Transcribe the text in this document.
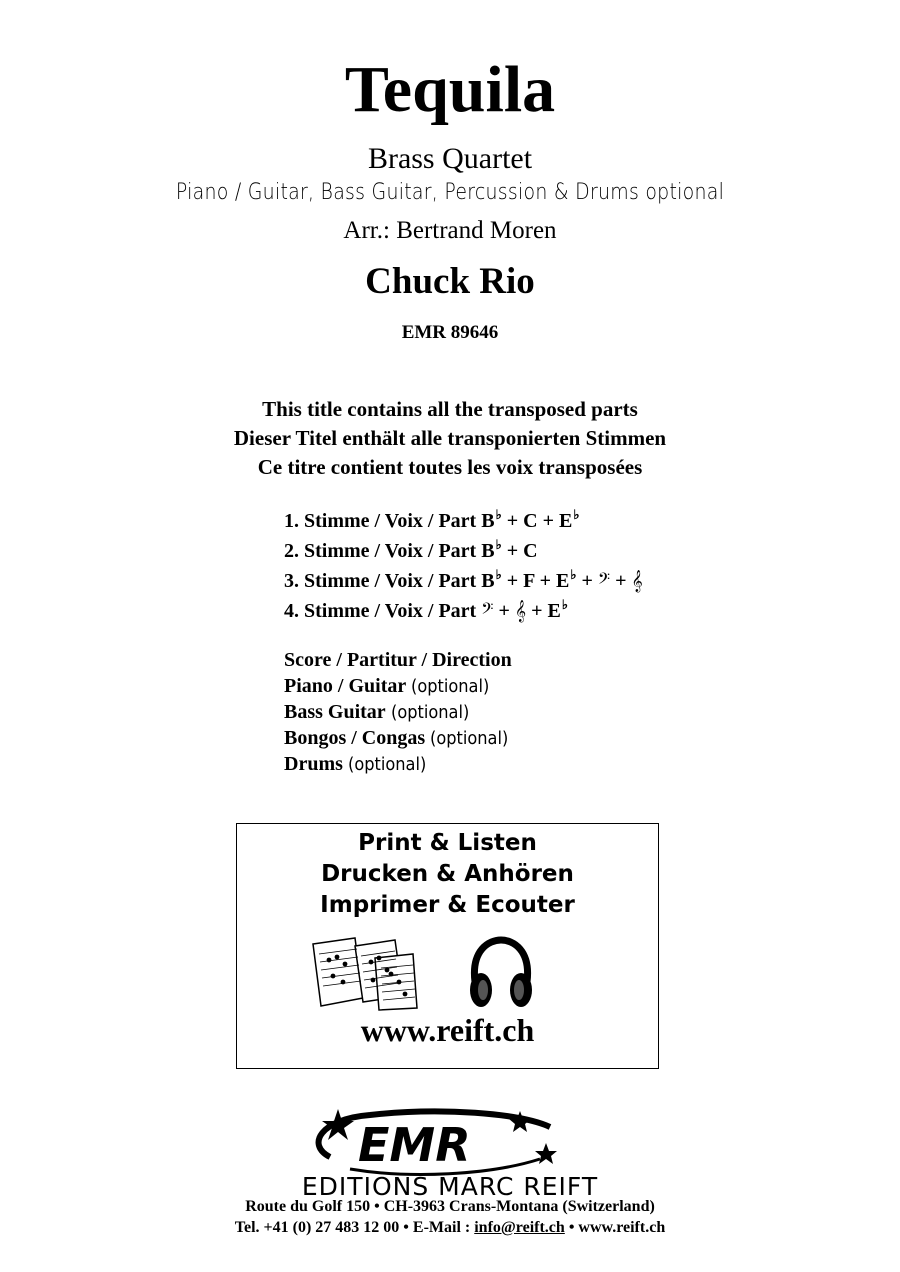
Tequila
Brass Quartet
Piano / Guitar, Bass Guitar, Percussion & Drums optional
Arr.: Bertrand Moren
Chuck Rio
EMR 89646
This title contains all the transposed parts
Dieser Titel enthält alle transponierten Stimmen
Ce titre contient toutes les voix transposées
1. Stimme / Voix / Part B♭ + C + E♭
2. Stimme / Voix / Part B♭ + C
3. Stimme / Voix / Part B♭ + F + E♭ + 𝄢 + 𝄞
4. Stimme / Voix / Part 𝄢 + 𝄞 + E♭
Score / Partitur / Direction
Piano / Guitar (optional)
Bass Guitar (optional)
Bongos / Congas (optional)
Drums (optional)
Print & Listen
Drucken & Anhören
Imprimer & Ecouter
www.reift.ch
EMR
EDITIONS MARC REIFT
Route du Golf 150 • CH-3963 Crans-Montana (Switzerland)
Tel. +41 (0) 27 483 12 00 • E-Mail : info@reift.ch • www.reift.ch
